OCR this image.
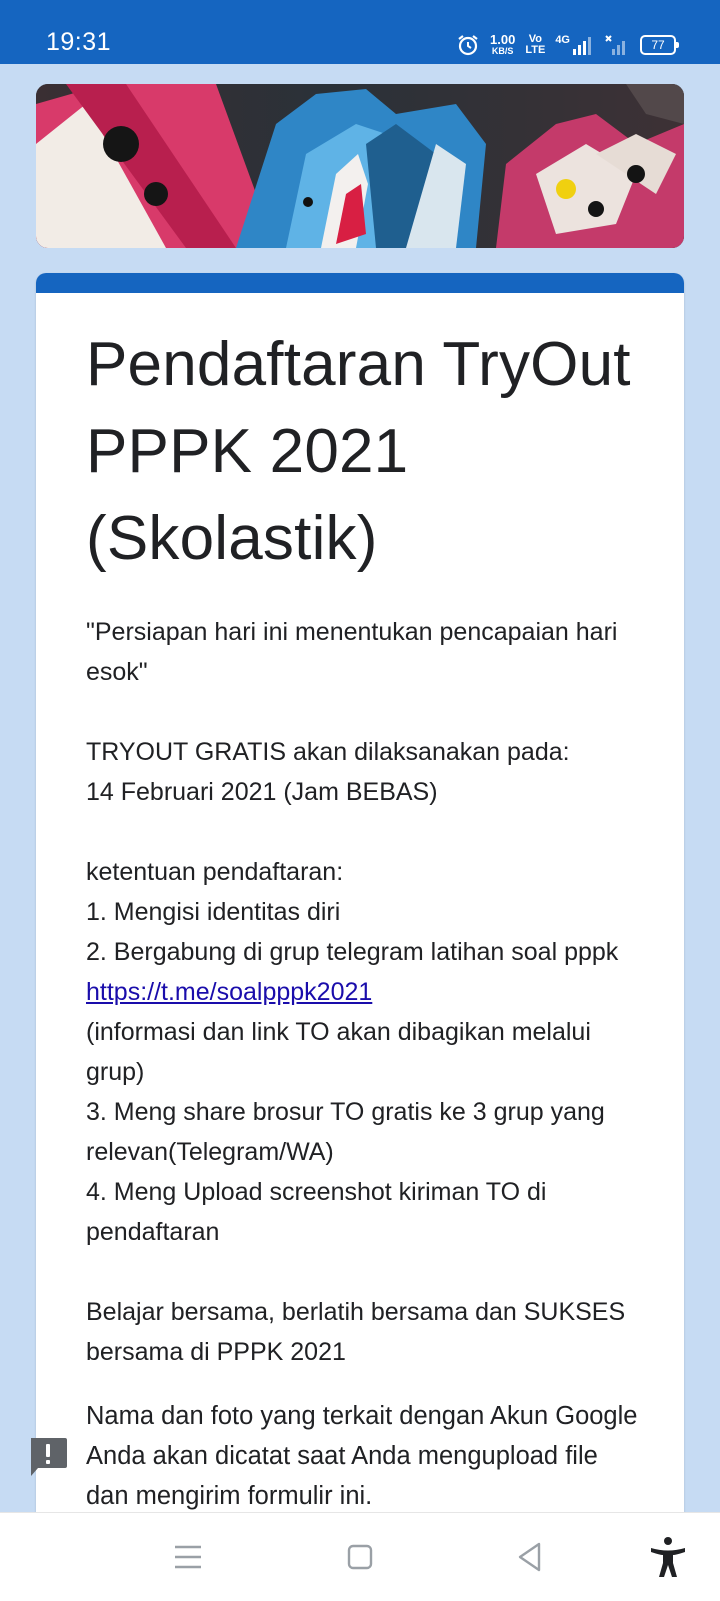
19:31	1.00
KB/S
Vo
LTE
4G	77
Pendaftaran TryOut PPPK 2021 (Skolastik)
"Persiapan hari ini menentukan pencapaian hari esok"

TRYOUT GRATIS akan dilaksanakan pada:
14 Februari 2021 (Jam BEBAS)

ketentuan pendaftaran:
1. Mengisi identitas diri
2. Bergabung di grup telegram latihan soal pppk https://t.me/soalpppk2021
(informasi dan link TO akan dibagikan melalui grup)
3. Meng share brosur TO gratis ke 3 grup yang relevan(Telegram/WA)
4. Meng Upload screenshot kiriman TO di pendaftaran

Belajar bersama, berlatih bersama dan SUKSES bersama di PPPK 2021
Nama dan foto yang terkait dengan Akun Google Anda akan dicatat saat Anda mengupload file dan mengirim formulir ini.
